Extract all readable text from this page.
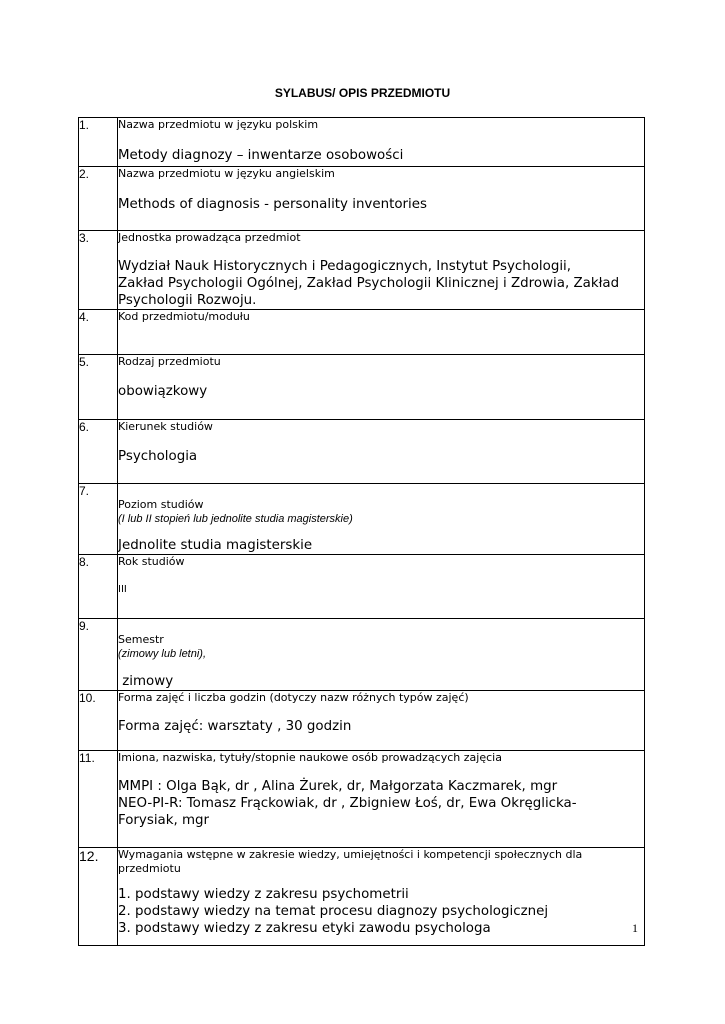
SYLABUS/ OPIS PRZEDMIOTU
1.	Nazwa przedmiotu w języku polskim
Metody diagnozy – inwentarze osobowości

2.	Nazwa przedmiotu w języku angielskim
Methods of diagnosis - personality inventories

3.	Jednostka prowadząca przedmiot
Wydział Nauk Historycznych i Pedagogicznych, Instytut Psychologii,
Zakład Psychologii Ogólnej, Zakład Psychologii Klinicznej i Zdrowia, Zakład
Psychologii Rozwoju.

4.	Kod przedmiotu/modułu

5.	Rodzaj przedmiotu
obowiązkowy

6.	Kierunek studiów
Psychologia

7.	Poziom studiów
(I lub II stopień lub jednolite studia magisterskie)

Jednolite studia magisterskie

8.	Rok studiów
III

9.	Semestr
(zimowy lub letni),

zimowy

10.	Forma zajęć i liczba godzin (dotyczy nazw różnych typów zajęć)
Forma zajęć: warsztaty , 30 godzin

11.	Imiona, nazwiska, tytuły/stopnie naukowe osób prowadzących zajęcia
MMPI : Olga Bąk, dr , Alina Żurek, dr, Małgorzata Kaczmarek, mgr
NEO-PI-R: Tomasz Frąckowiak, dr , Zbigniew Łoś, dr, Ewa Okręglicka-
Forysiak, mgr

12.	Wymagania wstępne w zakresie wiedzy, umiejętności i kompetencji społecznych dla
przedmiotu
1. podstawy wiedzy z zakresu psychometrii
2. podstawy wiedzy na temat procesu diagnozy psychologicznej
3. podstawy wiedzy z zakresu etyki zawodu psychologa	1
